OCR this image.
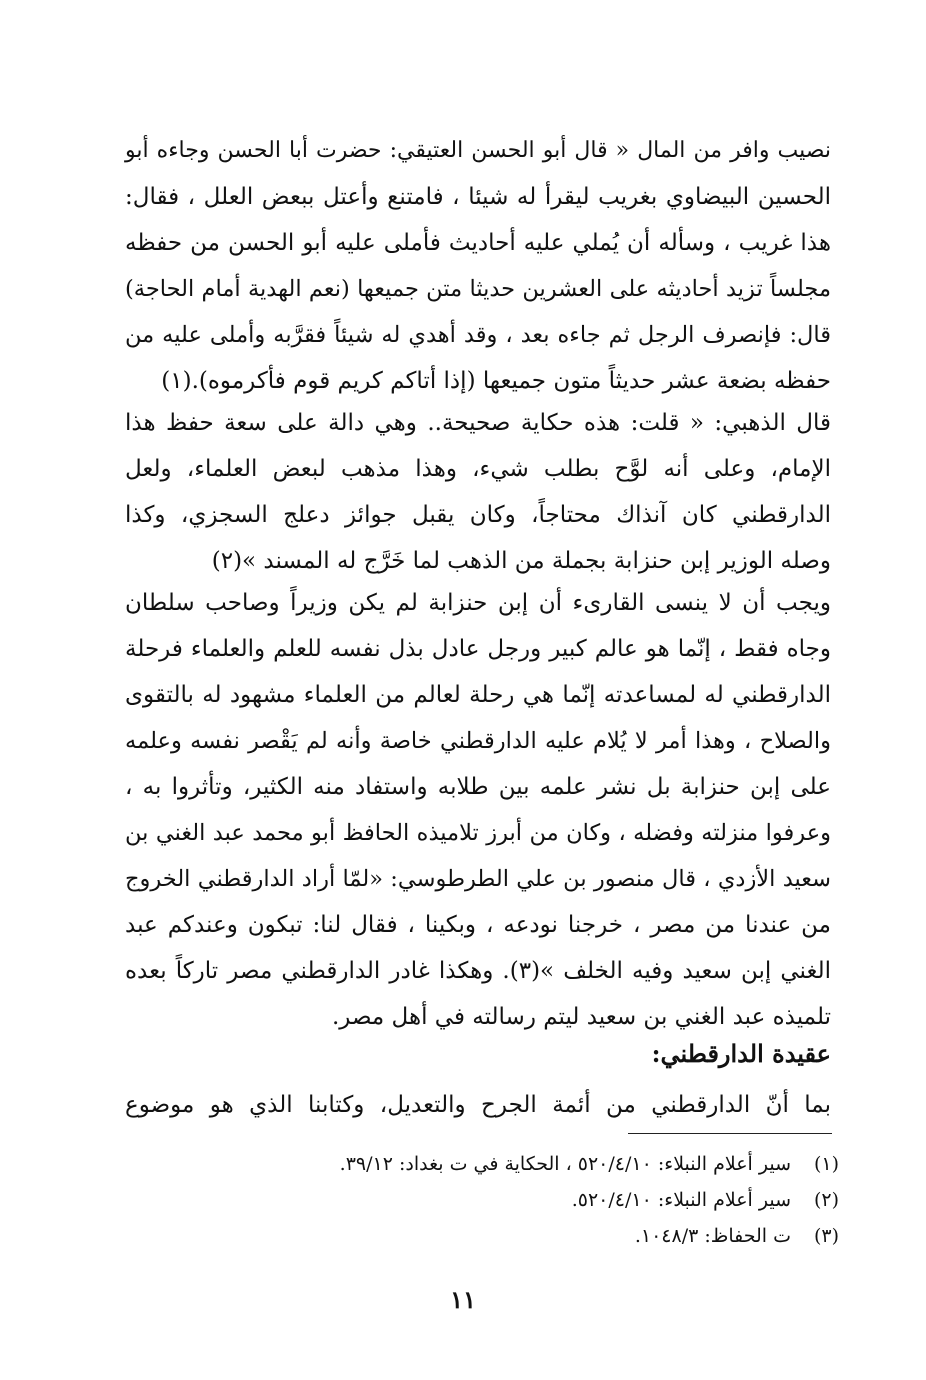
نصيب وافر من المال « قال أبو الحسن العتيقي: حضرت أبا الحسن وجاءه أبو
الحسين البيضاوي بغريب ليقرأ له شيئا ، فامتنع وأعتل ببعض العلل ، فقال:
هذا غريب ، وسأله أن يُملي عليه أحاديث فأملى عليه أبو الحسن من حفظه
مجلساً تزيد أحاديثه على العشرين حديثا متن جميعها (نعم الهدية أمام الحاجة)
قال: فإنصرف الرجل ثم جاءه بعد ، وقد أهدي له شيئاً فقرَّبه وأملى عليه من
حفظه بضعة عشر حديثاً متون جميعها (إذا أتاكم كريم قوم فأكرموه).(١)

قال الذهبي: « قلت: هذه حكاية صحيحة.. وهي دالة على سعة حفظ هذا
الإمام، وعلى أنه لوَّح بطلب شيء، وهذا مذهب لبعض العلماء، ولعل
الدارقطني كان آنذاك محتاجاً، وكان يقبل جوائز دعلج السجزي، وكذا
وصله الوزير إبن حنزابة بجملة من الذهب لما خَرَّج له المسند »(٢)

ويجب أن لا ينسى القارىء أن إبن حنزابة لم يكن وزيراً وصاحب سلطان
وجاه فقط ، إنّما هو عالم كبير ورجل عادل بذل نفسه للعلم والعلماء فرحلة
الدارقطني له لمساعدته إنّما هي رحلة لعالم من العلماء مشهود له بالتقوى
والصلاح ، وهذا أمر لا يُلام عليه الدارقطني خاصة وأنه لم يَقْصر نفسه وعلمه
على إبن حنزابة بل نشر علمه بين طلابه واستفاد منه الكثير، وتأثروا به ،
وعرفوا منزلته وفضله ، وكان من أبرز تلاميذه الحافظ أبو محمد عبد الغني بن
سعيد الأزدي ، قال منصور بن علي الطرطوسي: «لمّا أراد الدارقطني الخروج
من عندنا من مصر ، خرجنا نودعه ، وبكينا ، فقال لنا: تبكون وعندكم عبد
الغني إبن سعيد وفيه الخلف »(٣). وهكذا غادر الدارقطني مصر تاركاً بعده
تلميذه عبد الغني بن سعيد ليتم رسالته في أهل مصر.

عقيدة الدارقطني:

بما أنّ الدارقطني من أئمة الجرح والتعديل، وكتابنا الذي هو موضوع

(١)
سير أعلام النبلاء: ٥٢٠/٤/١٠ ، الحكاية في ت بغداد: ٣٩/١٢.
(٢)
سير أعلام النبلاء: ٥٢٠/٤/١٠.
(٣)
ت الحفاظ: ١٠٤٨/٣.
١١
